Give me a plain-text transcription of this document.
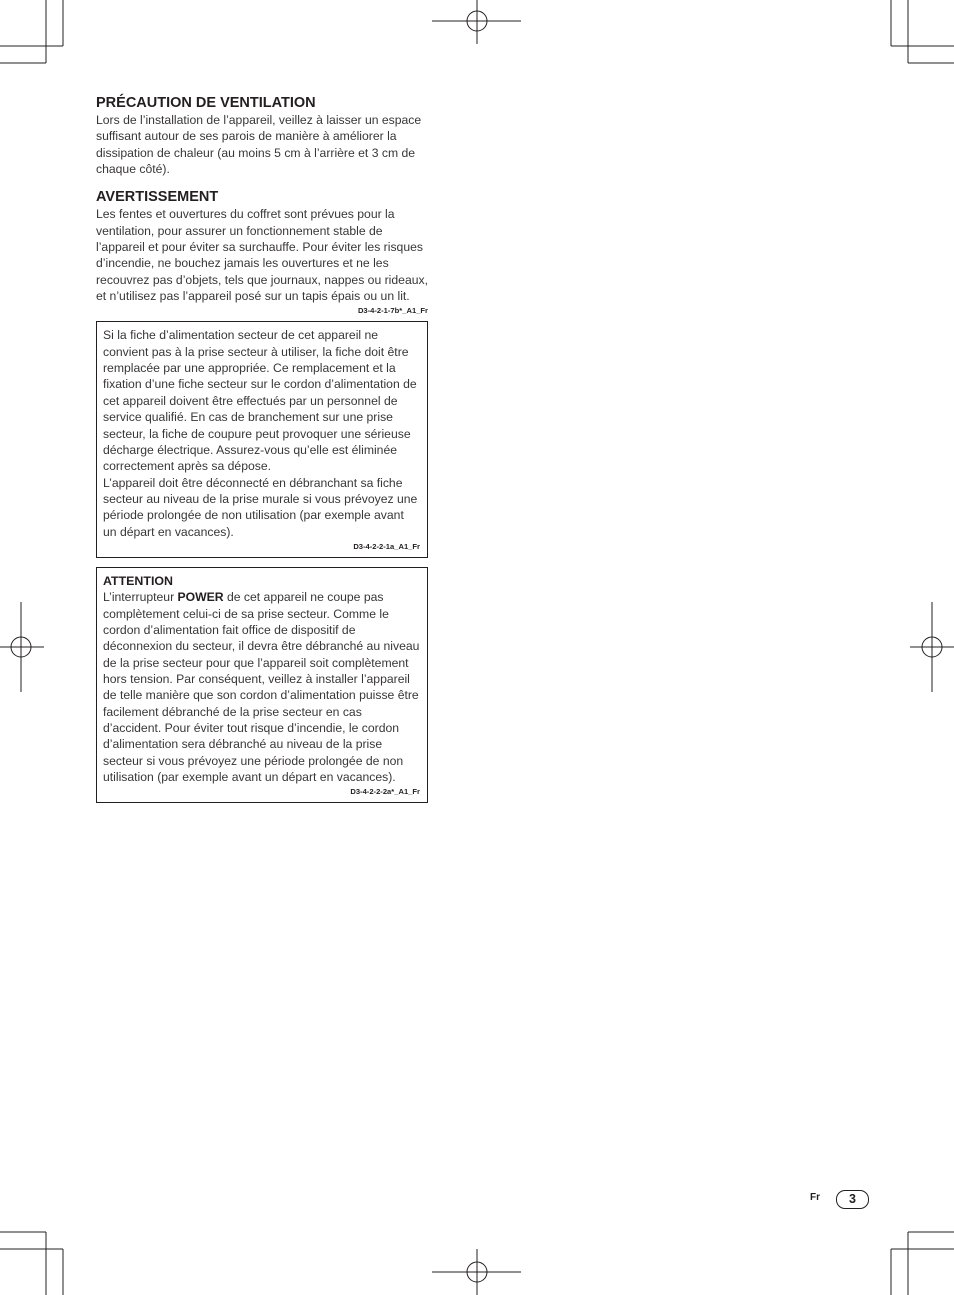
PRÉCAUTION DE VENTILATION

Lors de l’installation de l’appareil, veillez à laisser un espace suffisant autour de ses parois de manière à améliorer la dissipation de chaleur (au moins 5 cm à l’arrière et 3 cm de chaque côté).

AVERTISSEMENT

Les fentes et ouvertures du coffret sont prévues pour la ventilation, pour assurer un fonctionnement stable de l’appareil et pour éviter sa surchauffe. Pour éviter les risques d’incendie, ne bouchez jamais les ouvertures et ne les recouvrez pas d’objets, tels que journaux, nappes ou rideaux, et n’utilisez pas l’appareil posé sur un tapis épais ou un lit.

D3-4-2-1-7b*_A1_Fr

Si la fiche d’alimentation secteur de cet appareil ne convient pas à la prise secteur à utiliser, la fiche doit être remplacée par une appropriée. Ce remplacement et la fixation d’une fiche secteur sur le cordon d’alimentation de cet appareil doivent être effectués par un personnel de service qualifié. En cas de branchement sur une prise secteur, la fiche de coupure peut provoquer une sérieuse décharge électrique. Assurez-vous qu’elle est éliminée correctement après sa dépose.

L’appareil doit être déconnecté en débranchant sa fiche secteur au niveau de la prise murale si vous prévoyez une période prolongée de non utilisation (par exemple avant un départ en vacances).

D3-4-2-2-1a_A1_Fr
ATTENTION

L’interrupteur POWER de cet appareil ne coupe pas complètement celui-ci de sa prise secteur. Comme le cordon d’alimentation fait office de dispositif de déconnexion du secteur, il devra être débranché au niveau de la prise secteur pour que l’appareil soit complètement hors tension. Par conséquent, veillez à installer l’appareil de telle manière que son cordon d’alimentation puisse être facilement débranché de la prise secteur en cas d’accident. Pour éviter tout risque d’incendie, le cordon d’alimentation sera débranché au niveau de la prise secteur si vous prévoyez une période prolongée de non utilisation (par exemple avant un départ en vacances).

D3-4-2-2-2a*_A1_Fr
Fr	3
